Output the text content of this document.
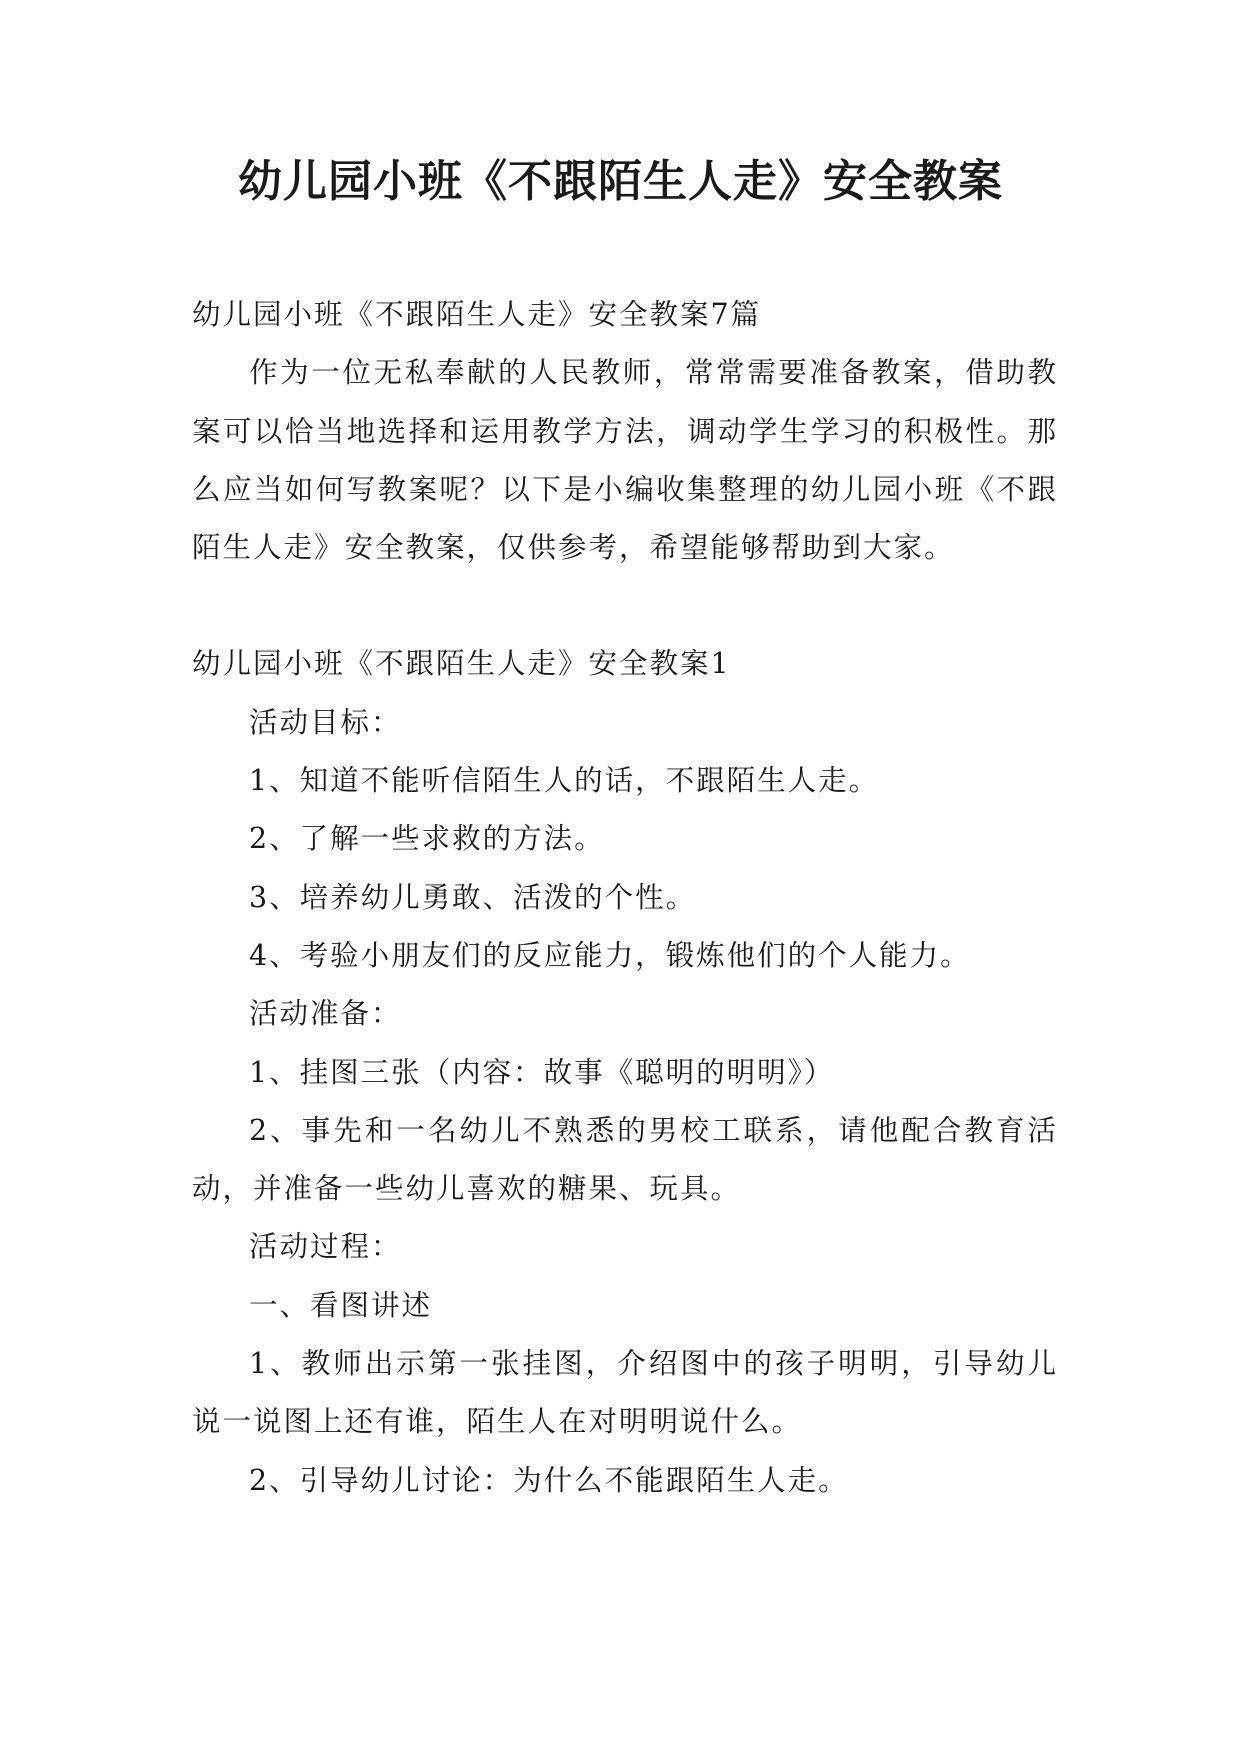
幼儿园小班《不跟陌生人走》安全教案

幼儿园小班《不跟陌生人走》安全教案7篇

作为一位无私奉献的人民教师，常常需要准备教案，借助教案可以恰当地选择和运用教学方法，调动学生学习的积极性。那么应当如何写教案呢？以下是小编收集整理的幼儿园小班《不跟陌生人走》安全教案，仅供参考，希望能够帮助到大家。

幼儿园小班《不跟陌生人走》安全教案1

活动目标：

1、知道不能听信陌生人的话，不跟陌生人走。

2、了解一些求救的方法。

3、培养幼儿勇敢、活泼的个性。

4、考验小朋友们的反应能力，锻炼他们的个人能力。

活动准备：

1、挂图三张（内容：故事《聪明的明明》）

2、事先和一名幼儿不熟悉的男校工联系，请他配合教育活动，并准备一些幼儿喜欢的糖果、玩具。

活动过程：

一、看图讲述

1、教师出示第一张挂图，介绍图中的孩子明明，引导幼儿说一说图上还有谁，陌生人在对明明说什么。

2、引导幼儿讨论：为什么不能跟陌生人走。
